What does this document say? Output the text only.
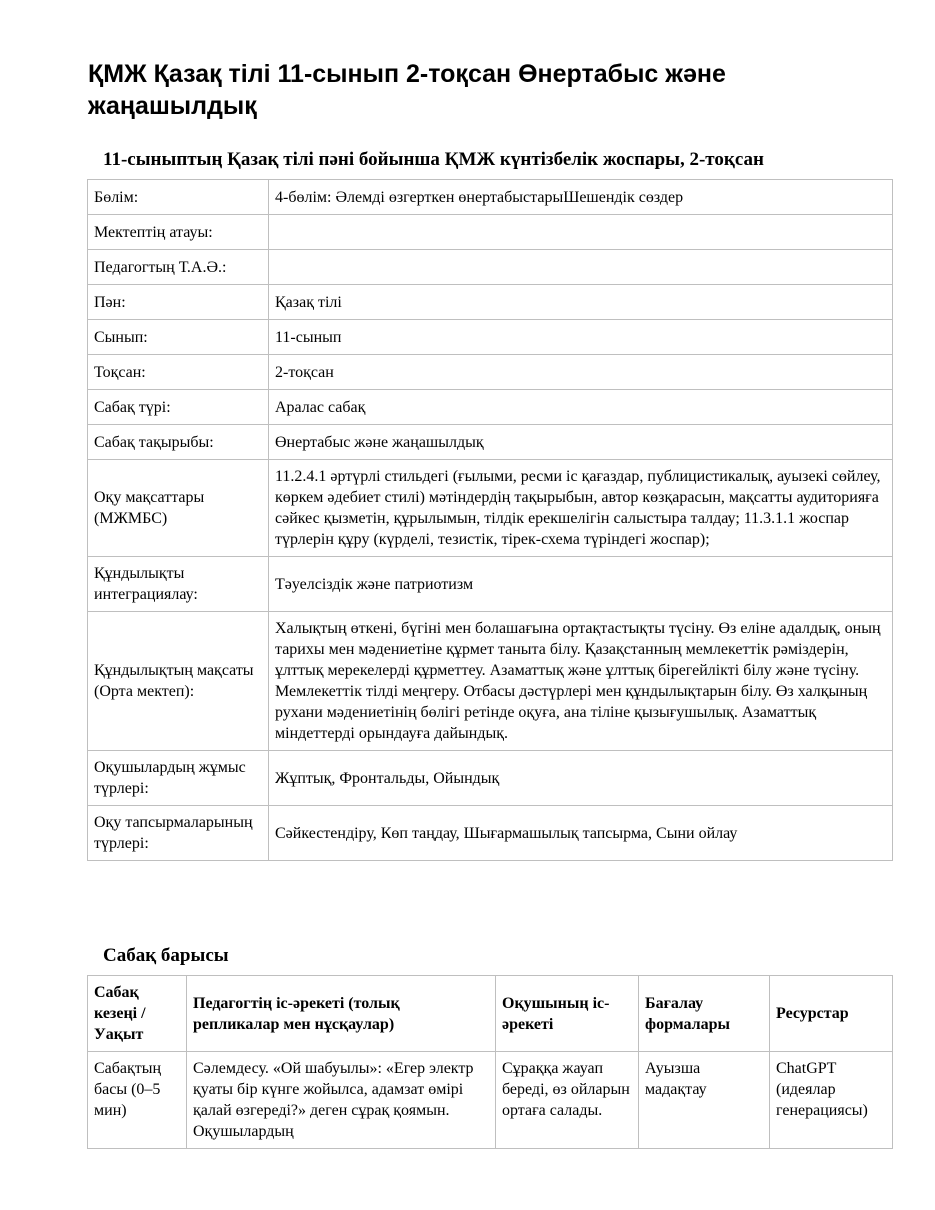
ҚМЖ Қазақ тілі 11-сынып 2-тоқсан Өнертабыс және жаңашылдық
11-сыныптың Қазақ тілі пәні бойынша ҚМЖ күнтізбелік жоспары, 2-тоқсан
Бөлім:	4-бөлім: Әлемді өзгерткен өнертабыстарыШешендік сөздер
Мектептің атауы:	
Педагогтың Т.А.Ә.:	
Пән:	Қазақ тілі
Сынып:	11-сынып
Тоқсан:	2-тоқсан
Сабақ түрі:	Аралас сабақ
Сабақ тақырыбы:	Өнертабыс және жаңашылдық
Оқу мақсаттары (МЖМБС)	11.2.4.1 әртүрлі стильдегі (ғылыми, ресми іс қағаздар, публицистикалық, ауызекі сөйлеу, көркем әдебиет стилі) мәтіндердің тақырыбын, автор көзқарасын, мақсатты аудиторияға сәйкес қызметін, құрылымын, тілдік ерекшелігін салыстыра талдау; 11.3.1.1 жоспар түрлерін құру (күрделі, тезистік, тірек-схема түріндегі жоспар);
Құндылықты интеграциялау:	Тәуелсіздік және патриотизм
Құндылықтың мақсаты (Орта мектеп):	Халықтың өткені, бүгіні мен болашағына ортақтастықты түсіну. Өз еліне адалдық, оның тарихы мен мәдениетіне құрмет таныта білу. Қазақстанның мемлекеттік рәміздерін, ұлттық мерекелерді құрметтеу. Азаматтық және ұлттық бірегейлікті білу және түсіну. Мемлекеттік тілді меңгеру. Отбасы дәстүрлері мен құндылықтарын білу. Өз халқының рухани мәдениетінің бөлігі ретінде оқуға, ана тіліне қызығушылық. Азаматтық міндеттерді орындауға дайындық.
Оқушылардың жұмыс түрлері:	Жұптық, Фронтальды, Ойындық
Оқу тапсырмаларының түрлері:	Сәйкестендіру, Көп таңдау, Шығармашылық тапсырма, Сыни ойлау
Сабақ барысы
Сабақ кезеңі / Уақыт	Педагогтің іс-әрекеті (толық репликалар мен нұсқаулар)	Оқушының іс-әрекеті	Бағалау формалары	Ресурстар
Сабақтың басы (0–5 мин)	Сәлемдесу. «Ой шабуылы»: «Егер электр қуаты бір күнге жойылса, адамзат өмірі қалай өзгереді?» деген сұрақ қоямын. Оқушылардың	Сұраққа жауап береді, өз ойларын ортаға салады.	Ауызша мадақтау	ChatGPT (идеялар генерациясы)
